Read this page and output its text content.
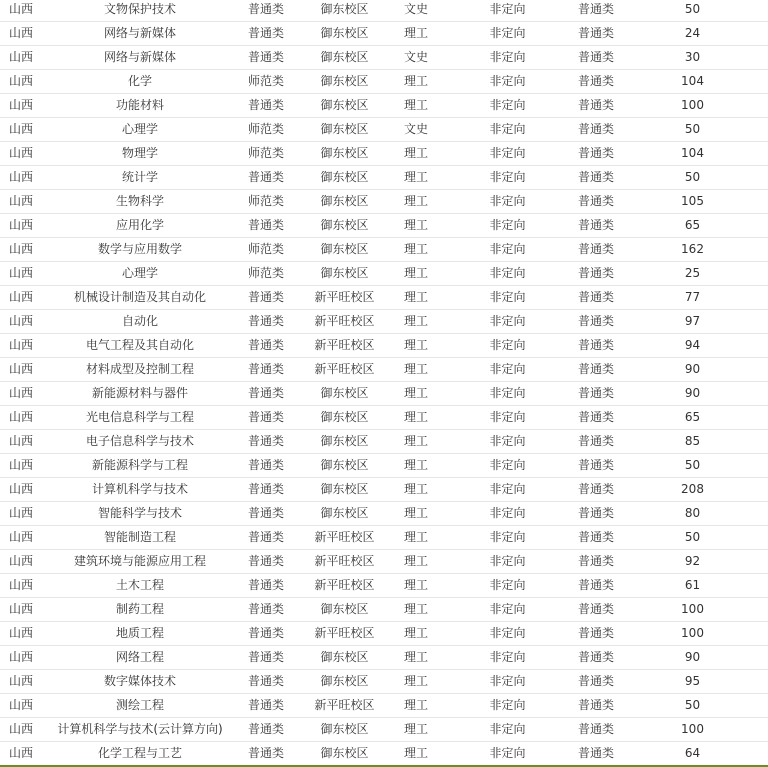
山西	文物保护技术	普通类	御东校区	文史	非定向	普通类	50
山西	网络与新媒体	普通类	御东校区	理工	非定向	普通类	24
山西	网络与新媒体	普通类	御东校区	文史	非定向	普通类	30
山西	化学	师范类	御东校区	理工	非定向	普通类	104
山西	功能材料	普通类	御东校区	理工	非定向	普通类	100
山西	心理学	师范类	御东校区	文史	非定向	普通类	50
山西	物理学	师范类	御东校区	理工	非定向	普通类	104
山西	统计学	普通类	御东校区	理工	非定向	普通类	50
山西	生物科学	师范类	御东校区	理工	非定向	普通类	105
山西	应用化学	普通类	御东校区	理工	非定向	普通类	65
山西	数学与应用数学	师范类	御东校区	理工	非定向	普通类	162
山西	心理学	师范类	御东校区	理工	非定向	普通类	25
山西	机械设计制造及其自动化	普通类	新平旺校区	理工	非定向	普通类	77
山西	自动化	普通类	新平旺校区	理工	非定向	普通类	97
山西	电气工程及其自动化	普通类	新平旺校区	理工	非定向	普通类	94
山西	材料成型及控制工程	普通类	新平旺校区	理工	非定向	普通类	90
山西	新能源材料与器件	普通类	御东校区	理工	非定向	普通类	90
山西	光电信息科学与工程	普通类	御东校区	理工	非定向	普通类	65
山西	电子信息科学与技术	普通类	御东校区	理工	非定向	普通类	85
山西	新能源科学与工程	普通类	御东校区	理工	非定向	普通类	50
山西	计算机科学与技术	普通类	御东校区	理工	非定向	普通类	208
山西	智能科学与技术	普通类	御东校区	理工	非定向	普通类	80
山西	智能制造工程	普通类	新平旺校区	理工	非定向	普通类	50
山西	建筑环境与能源应用工程	普通类	新平旺校区	理工	非定向	普通类	92
山西	土木工程	普通类	新平旺校区	理工	非定向	普通类	61
山西	制药工程	普通类	御东校区	理工	非定向	普通类	100
山西	地质工程	普通类	新平旺校区	理工	非定向	普通类	100
山西	网络工程	普通类	御东校区	理工	非定向	普通类	90
山西	数字媒体技术	普通类	御东校区	理工	非定向	普通类	95
山西	测绘工程	普通类	新平旺校区	理工	非定向	普通类	50
山西	计算机科学与技术(云计算方向)	普通类	御东校区	理工	非定向	普通类	100
山西	化学工程与工艺	普通类	御东校区	理工	非定向	普通类	64
